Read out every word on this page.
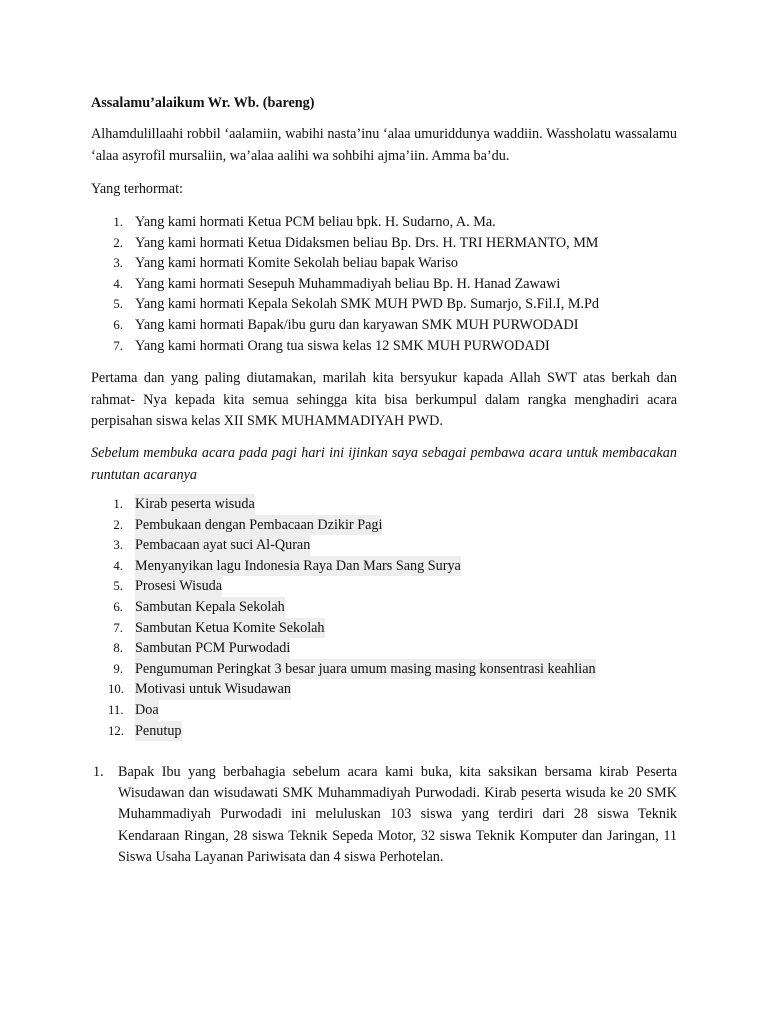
Assalamu’alaikum Wr. Wb. (bareng)

Alhamdulillaahi robbil ‘aalamiin, wabihi nasta’inu ‘alaa umuriddunya waddiin. Wassholatu wassalamu ‘alaa asyrofil mursaliin, wa’alaa aalihi wa sohbihi ajma’iin. Amma ba’du.

Yang terhormat:

1. Yang kami hormati Ketua PCM beliau bpk. H. Sudarno, A. Ma.
2. Yang kami hormati Ketua Didaksmen beliau Bp. Drs. H. TRI HERMANTO, MM
3. Yang kami hormati Komite Sekolah beliau bapak Wariso
4. Yang kami hormati Sesepuh Muhammadiyah beliau Bp. H. Hanad Zawawi
5. Yang kami hormati Kepala Sekolah SMK MUH PWD Bp. Sumarjo, S.Fil.I, M.Pd
6. Yang kami hormati Bapak/ibu guru dan karyawan SMK MUH PURWODADI
7. Yang kami hormati Orang tua siswa kelas 12 SMK MUH PURWODADI

Pertama dan yang paling diutamakan, marilah kita bersyukur kapada Allah SWT atas berkah dan rahmat- Nya kepada kita semua sehingga kita bisa berkumpul dalam rangka menghadiri acara perpisahan siswa kelas XII SMK MUHAMMADIYAH PWD.

Sebelum membuka acara pada pagi hari ini ijinkan saya sebagai pembawa acara untuk membacakan runtutan acaranya

1. Kirab peserta wisuda
2. Pembukaan dengan Pembacaan Dzikir Pagi
3. Pembacaan ayat suci Al-Quran
4. Menyanyikan lagu Indonesia Raya Dan Mars Sang Surya
5. Prosesi Wisuda
6. Sambutan Kepala Sekolah
7. Sambutan Ketua Komite Sekolah
8. Sambutan PCM Purwodadi
9. Pengumuman Peringkat 3 besar juara umum masing masing konsentrasi keahlian
10. Motivasi untuk Wisudawan
11. Doa
12. Penutup
1. Bapak Ibu yang berbahagia sebelum acara kami buka, kita saksikan bersama kirab Peserta Wisudawan dan wisudawati SMK Muhammadiyah Purwodadi. Kirab peserta wisuda ke 20 SMK Muhammadiyah Purwodadi ini meluluskan 103 siswa yang terdiri dari 28 siswa Teknik Kendaraan Ringan, 28 siswa Teknik Sepeda Motor, 32 siswa Teknik Komputer dan Jaringan, 11 Siswa Usaha Layanan Pariwisata dan 4 siswa Perhotelan.
